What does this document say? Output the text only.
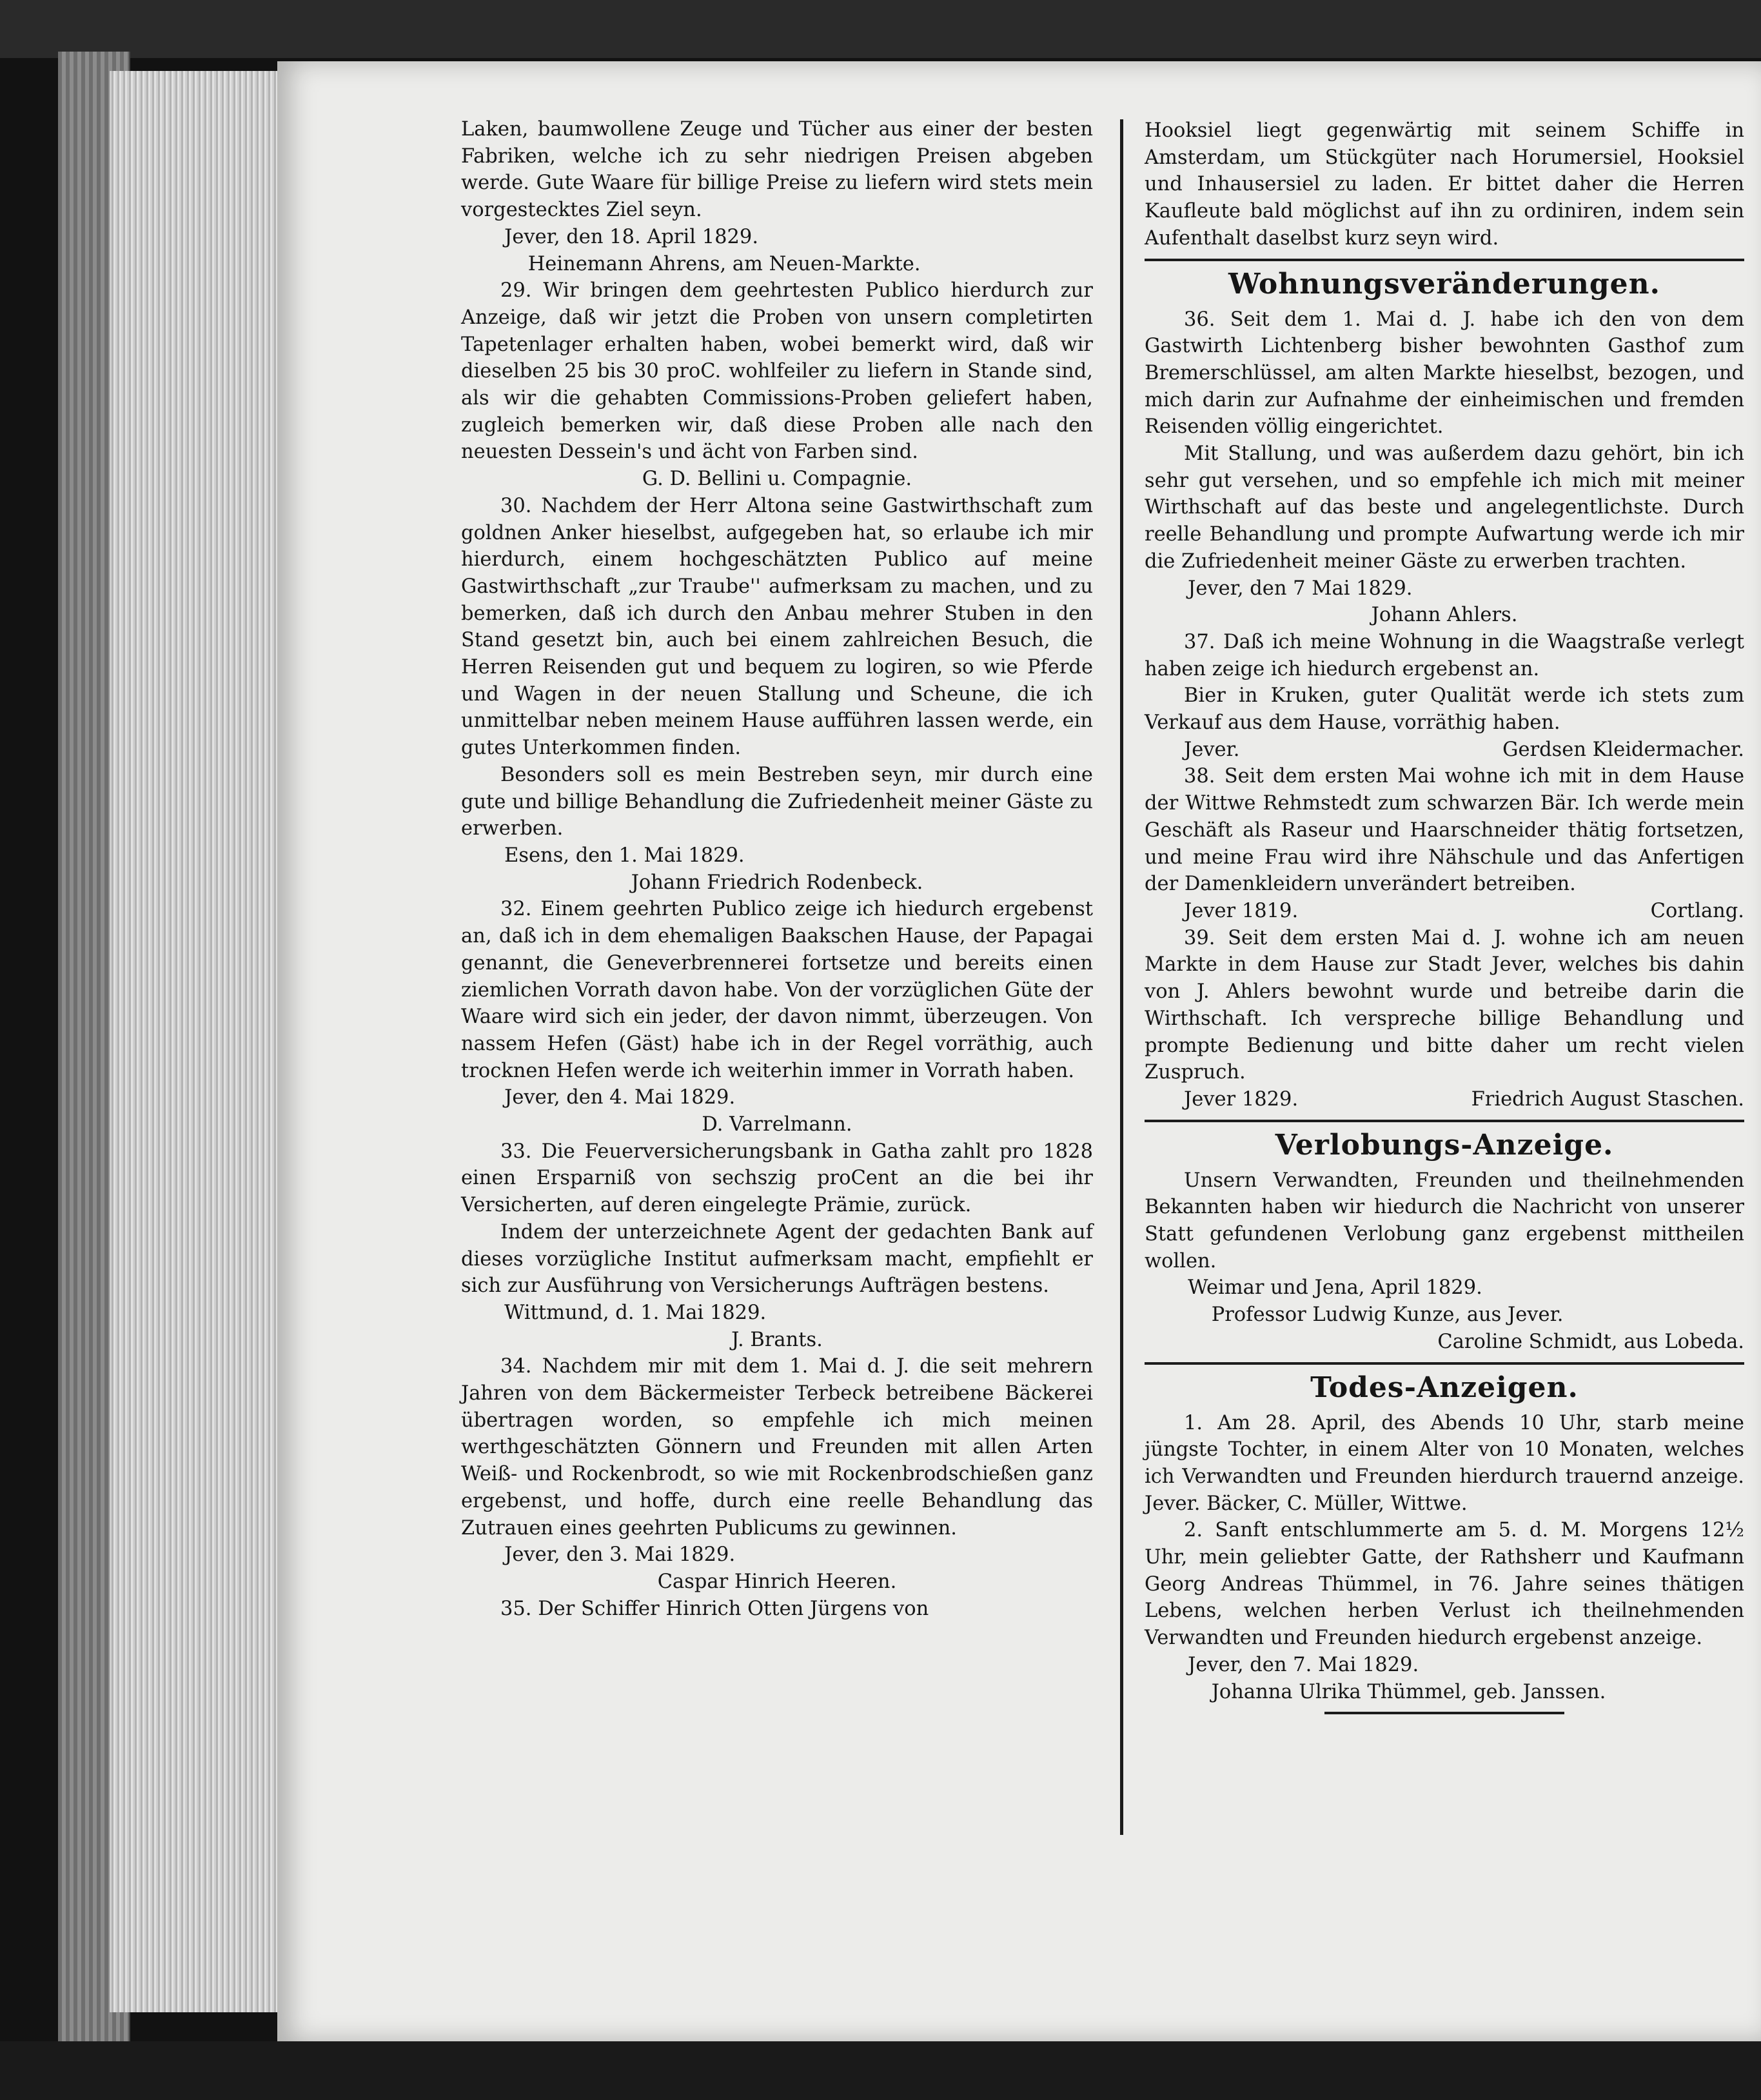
Laken, baumwollene Zeuge und Tücher aus einer der besten Fabriken, welche ich zu sehr niedrigen Preisen abgeben werde. Gute Waare für billige Preise zu liefern wird stets mein vorgestecktes Ziel seyn.

Jever, den 18. April 1829.

Heinemann Ahrens, am Neuen-Markte.

29. Wir bringen dem geehrtesten Publico hierdurch zur Anzeige, daß wir jetzt die Proben von unsern completirten Tapetenlager erhalten haben, wobei bemerkt wird, daß wir dieselben 25 bis 30 proC. wohlfeiler zu liefern in Stande sind, als wir die gehabten Commissions-Proben geliefert haben, zugleich bemerken wir, daß diese Proben alle nach den neuesten Dessein's und ächt von Farben sind.

G. D. Bellini u. Compagnie.

30. Nachdem der Herr Altona seine Gastwirthschaft zum goldnen Anker hieselbst, aufgegeben hat, so erlaube ich mir hierdurch, einem hochgeschätzten Publico auf meine Gastwirthschaft „zur Traube'' aufmerksam zu machen, und zu bemerken, daß ich durch den Anbau mehrer Stuben in den Stand gesetzt bin, auch bei einem zahlreichen Besuch, die Herren Reisenden gut und bequem zu logiren, so wie Pferde und Wagen in der neuen Stallung und Scheune, die ich unmittelbar neben meinem Hause aufführen lassen werde, ein gutes Unterkommen finden.

Besonders soll es mein Bestreben seyn, mir durch eine gute und billige Behandlung die Zufriedenheit meiner Gäste zu erwerben.

Esens, den 1. Mai 1829.

Johann Friedrich Rodenbeck.

32. Einem geehrten Publico zeige ich hiedurch ergebenst an, daß ich in dem ehemaligen Baakschen Hause, der Papagai genannt, die Geneverbrennerei fortsetze und bereits einen ziemlichen Vorrath davon habe. Von der vorzüglichen Güte der Waare wird sich ein jeder, der davon nimmt, überzeugen. Von nassem Hefen (Gäst) habe ich in der Regel vorräthig, auch trocknen Hefen werde ich weiterhin immer in Vorrath haben.

Jever, den 4. Mai 1829.

D. Varrelmann.

33. Die Feuerversicherungsbank in Gatha zahlt pro 1828 einen Ersparniß von sechszig proCent an die bei ihr Versicherten, auf deren eingelegte Prämie, zurück.

Indem der unterzeichnete Agent der gedachten Bank auf dieses vorzügliche Institut aufmerksam macht, empfiehlt er sich zur Ausführung von Versicherungs Aufträgen bestens.

Wittmund, d. 1. Mai 1829.

J. Brants.

34. Nachdem mir mit dem 1. Mai d. J. die seit mehrern Jahren von dem Bäckermeister Terbeck betreibene Bäckerei übertragen worden, so empfehle ich mich meinen werthgeschätzten Gönnern und Freunden mit allen Arten Weiß- und Rockenbrodt, so wie mit Rockenbrodschießen ganz ergebenst, und hoffe, durch eine reelle Behandlung das Zutrauen eines geehrten Publicums zu gewinnen.

Jever, den 3. Mai 1829.

Caspar Hinrich Heeren.

35. Der Schiffer Hinrich Otten Jürgens von

Hooksiel liegt gegenwärtig mit seinem Schiffe in Amsterdam, um Stückgüter nach Horumersiel, Hooksiel und Inhausersiel zu laden. Er bittet daher die Herren Kaufleute bald möglichst auf ihn zu ordiniren, indem sein Aufenthalt daselbst kurz seyn wird.

Wohnungsveränderungen.

36. Seit dem 1. Mai d. J. habe ich den von dem Gastwirth Lichtenberg bisher bewohnten Gasthof zum Bremerschlüssel, am alten Markte hieselbst, bezogen, und mich darin zur Aufnahme der einheimischen und fremden Reisenden völlig eingerichtet.

Mit Stallung, und was außerdem dazu gehört, bin ich sehr gut versehen, und so empfehle ich mich mit meiner Wirthschaft auf das beste und angelegentlichste. Durch reelle Behandlung und prompte Aufwartung werde ich mir die Zufriedenheit meiner Gäste zu erwerben trachten.

Jever, den 7 Mai 1829.

Johann Ahlers.

37. Daß ich meine Wohnung in die Waagstraße verlegt haben zeige ich hiedurch ergebenst an.

Bier in Kruken, guter Qualität werde ich stets zum Verkauf aus dem Hause, vorräthig haben.

Jever.	Gerdsen Kleidermacher.

38. Seit dem ersten Mai wohne ich mit in dem Hause der Wittwe Rehmstedt zum schwarzen Bär. Ich werde mein Geschäft als Raseur und Haarschneider thätig fortsetzen, und meine Frau wird ihre Nähschule und das Anfertigen der Damenkleidern unverändert betreiben.

Jever 1819.	Cortlang.

39. Seit dem ersten Mai d. J. wohne ich am neuen Markte in dem Hause zur Stadt Jever, welches bis dahin von J. Ahlers bewohnt wurde und betreibe darin die Wirthschaft. Ich verspreche billige Behandlung und prompte Bedienung und bitte daher um recht vielen Zuspruch.

Jever 1829.	Friedrich August Staschen.
Verlobungs-Anzeige.

Unsern Verwandten, Freunden und theilnehmenden Bekannten haben wir hiedurch die Nachricht von unserer Statt gefundenen Verlobung ganz ergebenst mittheilen wollen.

Weimar und Jena, April 1829.

Professor Ludwig Kunze, aus Jever.

Caroline Schmidt, aus Lobeda.

Todes-Anzeigen.

1. Am 28. April, des Abends 10 Uhr, starb meine jüngste Tochter, in einem Alter von 10 Monaten, welches ich Verwandten und Freunden hierdurch trauernd anzeige. Jever. Bäcker, C. Müller, Wittwe.

2. Sanft entschlummerte am 5. d. M. Morgens 12½ Uhr, mein geliebter Gatte, der Rathsherr und Kaufmann Georg Andreas Thümmel, in 76. Jahre seines thätigen Lebens, welchen herben Verlust ich theilnehmenden Verwandten und Freunden hiedurch ergebenst anzeige.

Jever, den 7. Mai 1829.

Johanna Ulrika Thümmel, geb. Janssen.
